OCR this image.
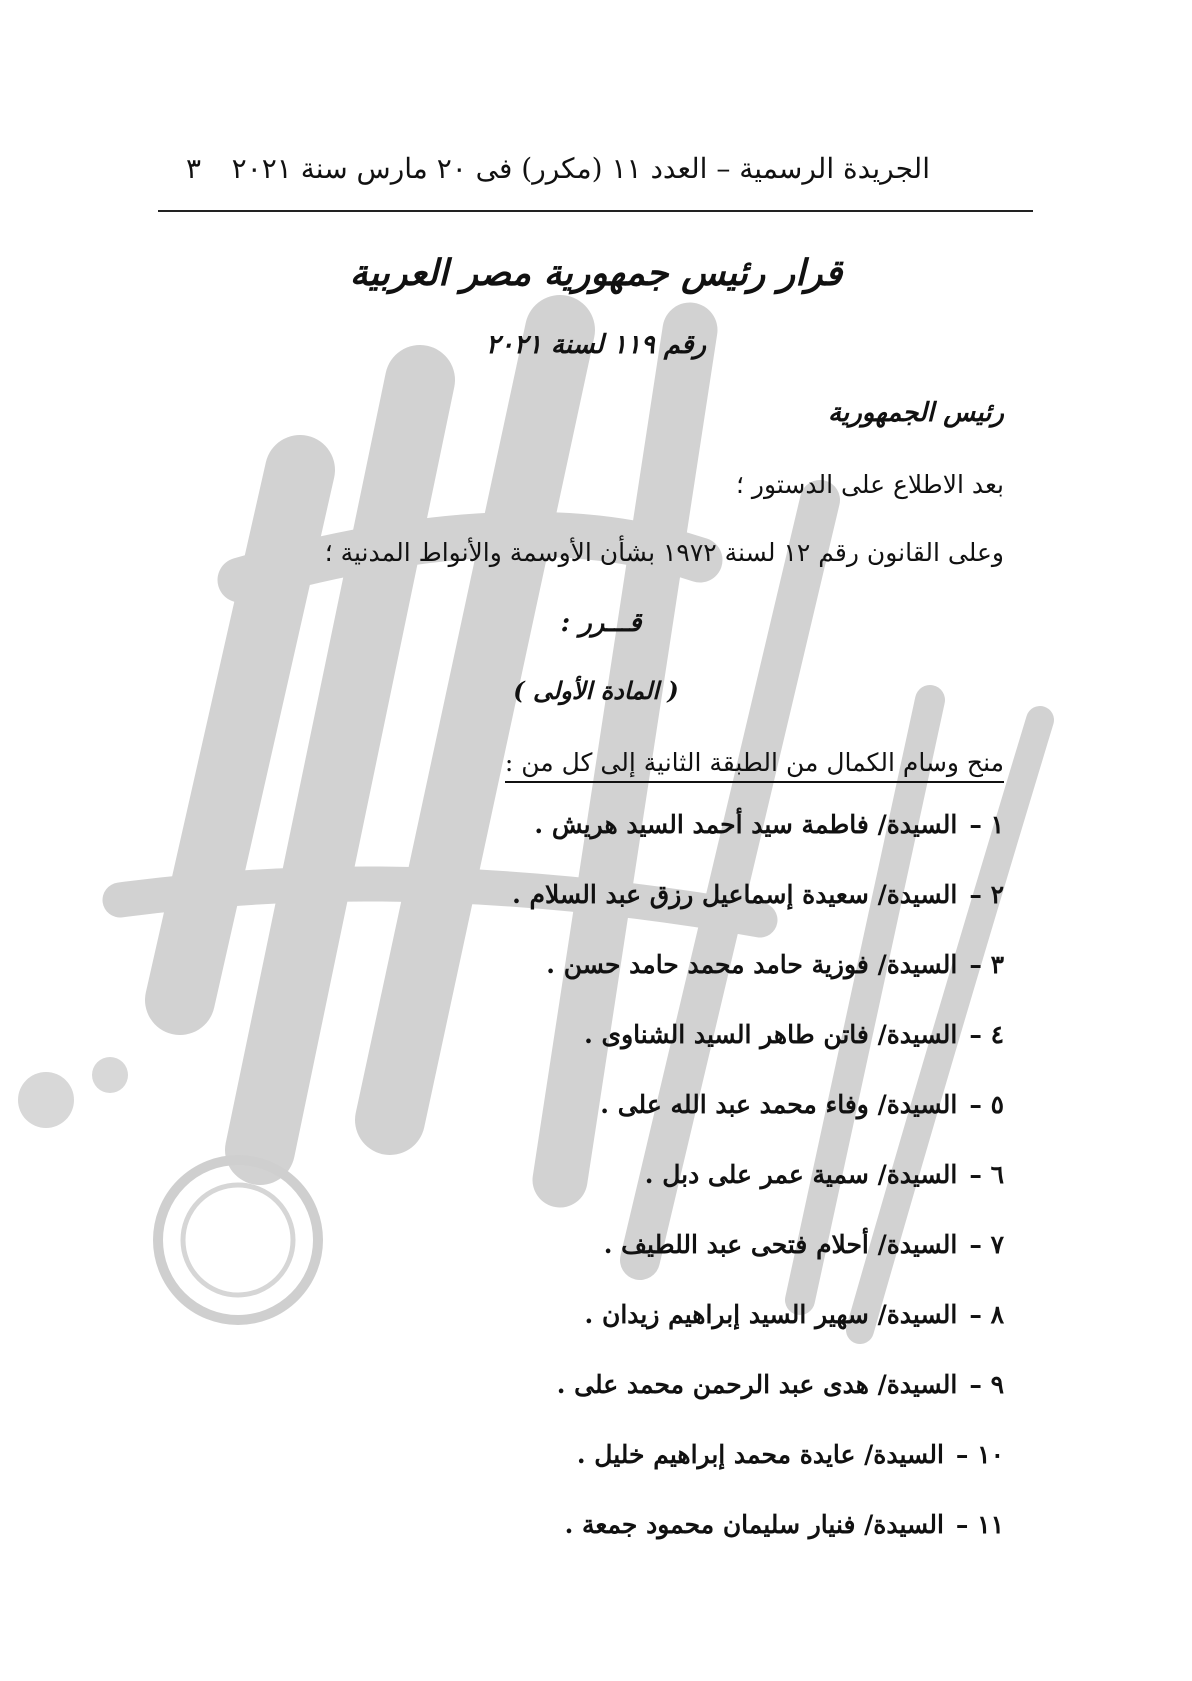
الجريدة الرسمية – العدد ١١ (مكرر) فى ٢٠ مارس سنة ٢٠٢١
٣
قرار رئيس جمهورية مصر العربية
رقم ١١٩ لسنة ٢٠٢١
رئيس الجمهورية
بعد الاطلاع على الدستور ؛
وعلى القانون رقم ١٢ لسنة ١٩٧٢ بشأن الأوسمة والأنواط المدنية ؛
قـــرر :
( المادة الأولى )
منح وسام الكمال من الطبقة الثانية إلى كل من :
١ –السيدة/ فاطمة سيد أحمد السيد هريش .
٢ –السيدة/ سعيدة إسماعيل رزق عبد السلام .
٣ –السيدة/ فوزية حامد محمد حامد حسن .
٤ –السيدة/ فاتن طاهر السيد الشناوى .
٥ –السيدة/ وفاء محمد عبد الله على .
٦ –السيدة/ سمية عمر على دبل .
٧ –السيدة/ أحلام فتحى عبد اللطيف .
٨ –السيدة/ سهير السيد إبراهيم زيدان .
٩ –السيدة/ هدى عبد الرحمن محمد على .
١٠ –السيدة/ عايدة محمد إبراهيم خليل .
١١ –السيدة/ فنيار سليمان محمود جمعة .
